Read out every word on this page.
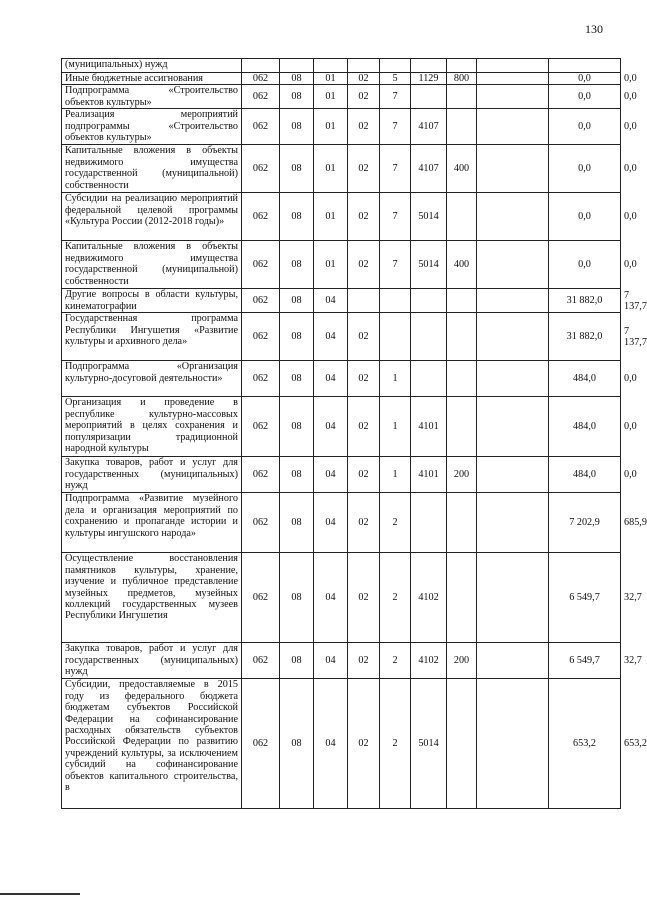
130
(муниципальных) нужд										
Иные бюджетные ассигнования	062	08	01	02	5	1129	800		0,0	0,0
Подпрограмма «Строительство объектов культуры»	062	08	01	02	7				0,0	0,0
Реализация мероприятий подпрограммы «Строительство объектов культуры»	062	08	01	02	7	4107			0,0	0,0
Капитальные вложения в объекты недвижимого имущества государственной (муниципальной) собственности	062	08	01	02	7	4107	400		0,0	0,0
Субсидии на реализацию мероприятий федеральной целевой программы «Культура России (2012-2018 годы)»	062	08	01	02	7	5014			0,0	0,0
Капитальные вложения в объекты недвижимого имущества государственной (муниципальной) собственности	062	08	01	02	7	5014	400		0,0	0,0
Другие вопросы в области культуры, кинематографии	062	08	04						31 882,0	7 137,7
Государственная программа Республики Ингушетия «Развитие культуры и архивного дела»	062	08	04	02					31 882,0	7 137,7
Подпрограмма «Организация культурно-досуговой деятельности»	062	08	04	02	1				484,0	0,0
Организация и проведение в республике культурно-массовых мероприятий в целях сохранения и популяризации традиционной народной культуры	062	08	04	02	1	4101			484,0	0,0
Закупка товаров, работ и услуг для государственных (муниципальных) нужд	062	08	04	02	1	4101	200		484,0	0,0
Подпрограмма «Развитие музейного дела и организация мероприятий по сохранению и пропаганде истории и культуры ингушского народа»	062	08	04	02	2				7 202,9	685,9
Осуществление восстановления памятников культуры, хранение, изучение и публичное представление музейных предметов, музейных коллекций государственных музеев Республики Ингушетия	062	08	04	02	2	4102			6 549,7	32,7
Закупка товаров, работ и услуг для государственных (муниципальных) нужд	062	08	04	02	2	4102	200		6 549,7	32,7
Субсидии, предоставляемые в 2015 году из федерального бюджета бюджетам субъектов Российской Федерации на софинансирование расходных обязательств субъектов Российской Федерации по развитию учреждений культуры, за исключением субсидий на софинансирование объектов капитального строительства, в	062	08	04	02	2	5014			653,2	653,2
